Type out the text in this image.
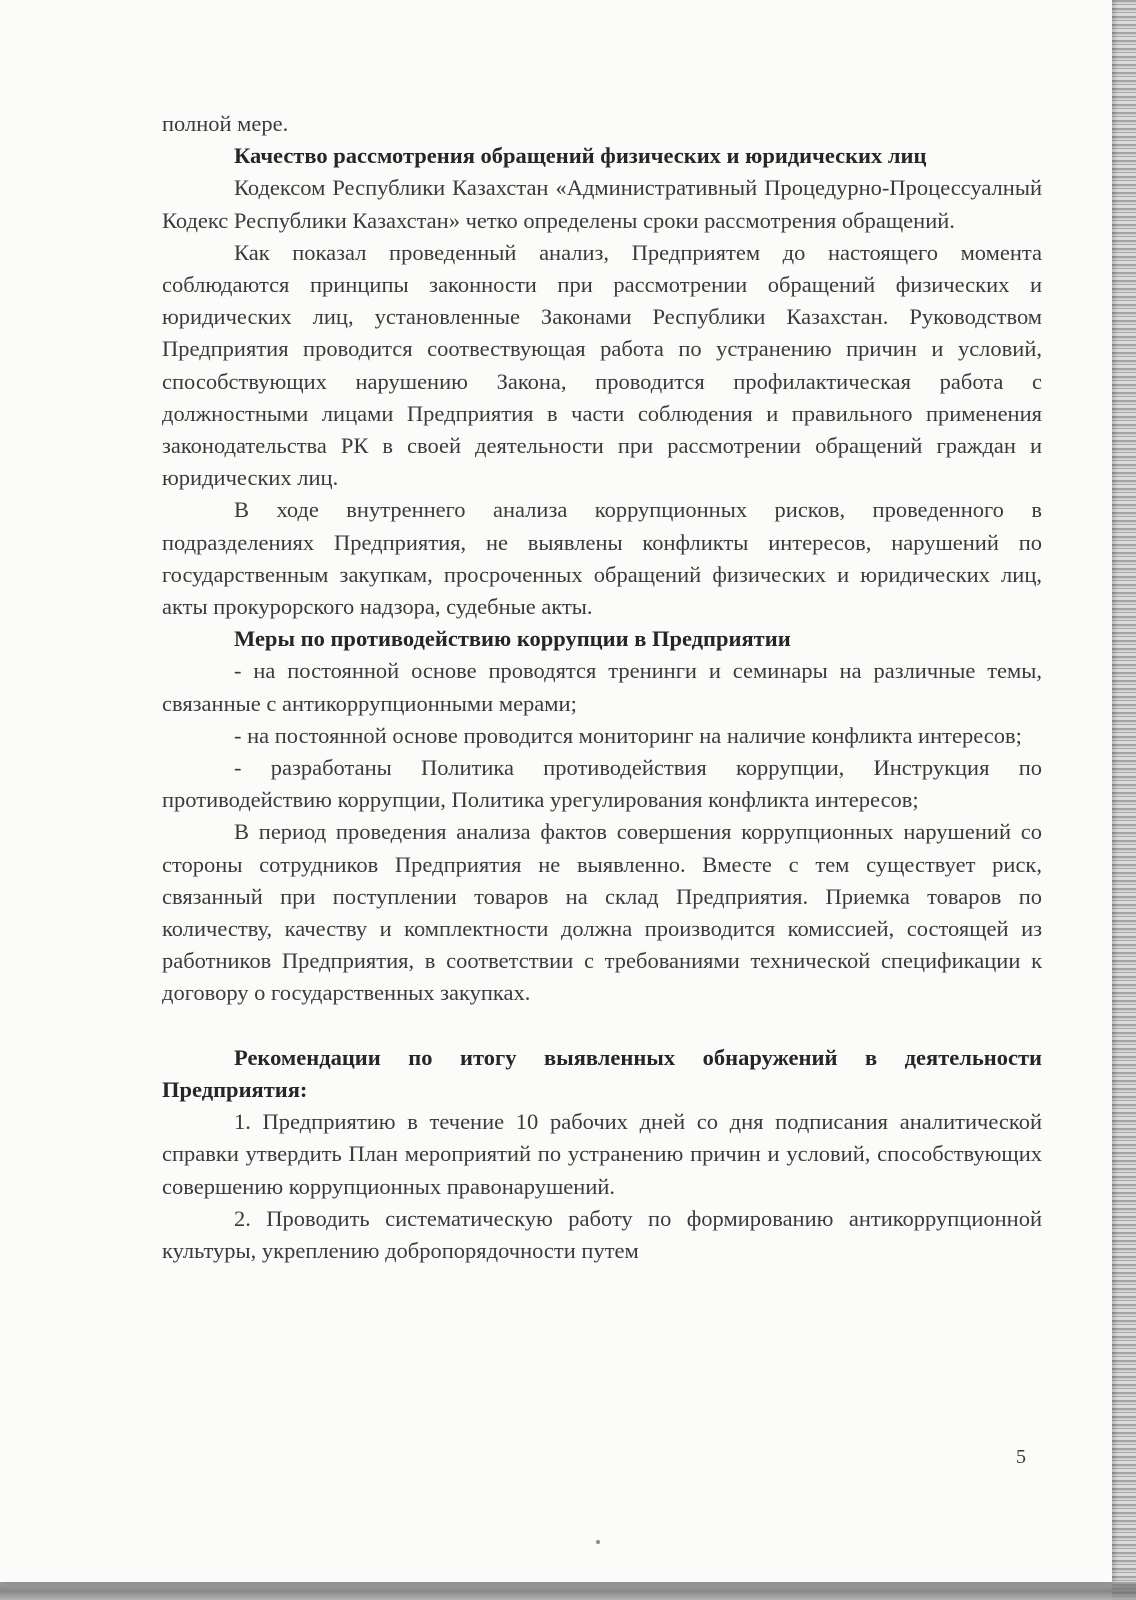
полной мере.

Качество рассмотрения обращений физических и юридических лиц

Кодексом Республики Казахстан «Административный Процедурно-Процессуалный Кодекс Республики Казахстан» четко определены сроки рассмотрения обращений.

Как показал проведенный анализ, Предприятем до настоящего момента соблюдаются принципы законности при рассмотрении обращений физических и юридических лиц, установленные Законами Республики Казахстан. Руководством Предприятия проводится соотвествующая работа по устранению причин и условий, способствующих нарушению Закона, проводится профилактическая работа с должностными лицами Предприятия в части соблюдения и правильного применения законодательства РК в своей деятельности при рассмотрении обращений граждан и юридических лиц.

В ходе внутреннего анализа коррупционных рисков, проведенного в подразделениях Предприятия, не выявлены конфликты интересов, нарушений по государственным закупкам, просроченных обращений физических и юридических лиц, акты прокурорского надзора, судебные акты.

Меры по противодействию коррупции в Предприятии

- на постоянной основе проводятся тренинги и семинары на различные темы, связанные с антикоррупционными мерами;

- на постоянной основе проводится мониторинг на наличие конфликта интересов;

- разработаны Политика противодействия коррупции, Инструкция по противодействию коррупции, Политика урегулирования конфликта интересов;

В период проведения анализа фактов совершения коррупционных нарушений со стороны сотрудников Предприятия не выявленно. Вместе с тем существует риск, связанный при поступлении товаров на склад Предприятия. Приемка товаров по количеству, качеству и комплектности должна производится комиссией, состоящей из работников Предприятия, в соответствии с требованиями технической спецификации к договору о государственных закупках.

Рекомендации по итогу выявленных обнаружений в деятельности Предприятия:

1. Предприятию в течение 10 рабочих дней со дня подписания аналитической справки утвердить План мероприятий по устранению причин и условий, способствующих совершению коррупционных правонарушений.

2. Проводить систематическую работу по формированию антикоррупционной культуры, укреплению добропорядочности путем

5
